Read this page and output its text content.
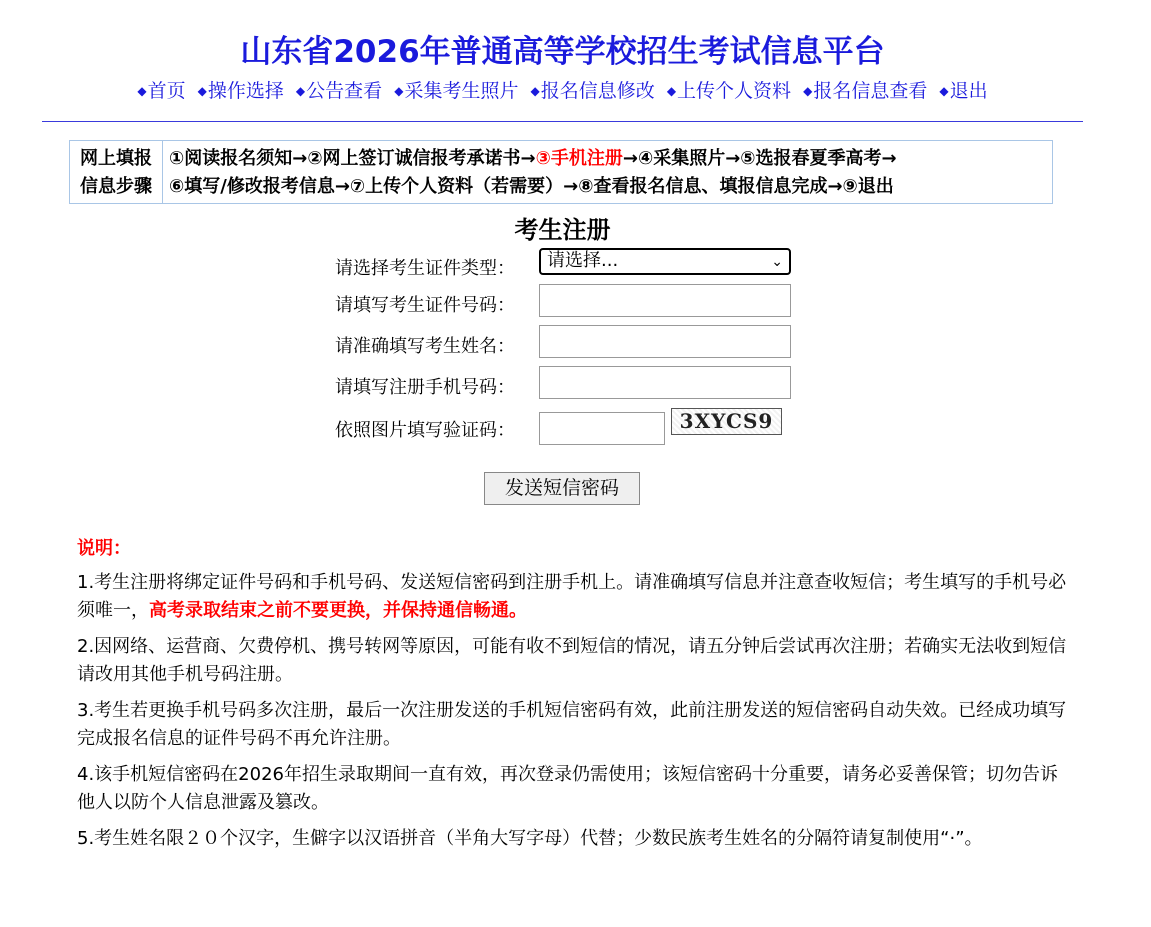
山东省2026年普通高等学校招生考试信息平台
◆首页 ◆操作选择 ◆公告查看 ◆采集考生照片 ◆报名信息修改 ◆上传个人资料 ◆报名信息查看 ◆退出
网上填报
信息步骤
①阅读报名须知→②网上签订诚信报考承诺书→③手机注册→④采集照片→⑤选报春夏季高考→
⑥填写/修改报考信息→⑦上传个人资料（若需要）→⑧查看报名信息、填报信息完成→⑨退出
考生注册
请选择考生证件类型：	请选择...	⌄
请填写考生证件号码：
请准确填写考生姓名：
请填写注册手机号码：
依照图片填写验证码：	3XYCS9
发送短信密码
说明：

1.考生注册将绑定证件号码和手机号码、发送短信密码到注册手机上。请准确填写信息并注意查收短信；考生填写的手机号必须唯一，高考录取结束之前不要更换，并保持通信畅通。

2.因网络、运营商、欠费停机、携号转网等原因，可能有收不到短信的情况，请五分钟后尝试再次注册；若确实无法收到短信请改用其他手机号码注册。

3.考生若更换手机号码多次注册，最后一次注册发送的手机短信密码有效，此前注册发送的短信密码自动失效。已经成功填写完成报名信息的证件号码不再允许注册。

4.该手机短信密码在2026年招生录取期间一直有效，再次登录仍需使用；该短信密码十分重要，请务必妥善保管；切勿告诉他人以防个人信息泄露及篡改。

5.考生姓名限２０个汉字，生僻字以汉语拼音（半角大写字母）代替；少数民族考生姓名的分隔符请复制使用“·”。
